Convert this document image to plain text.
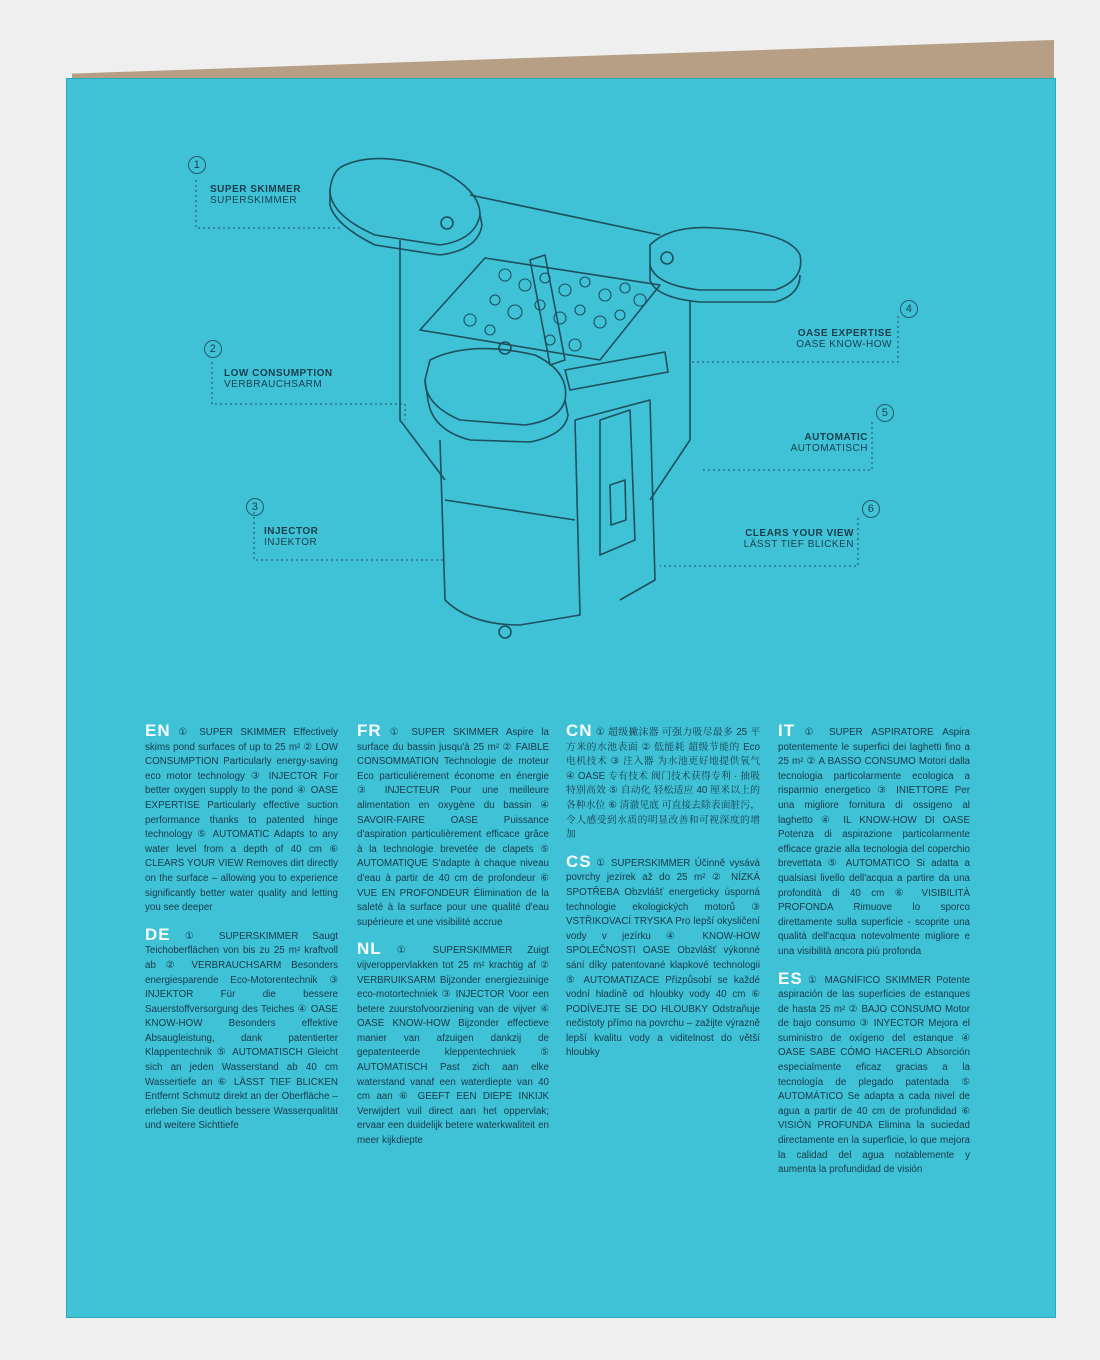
1
SUPER SKIMMER
SUPERSKIMMER
2
LOW CONSUMPTION
VERBRAUCHSARM
3
INJECTOR
INJEKTOR
4
OASE EXPERTISE
OASE KNOW-HOW
5
AUTOMATIC
AUTOMATISCH
6
CLEARS YOUR VIEW
LÄSST TIEF BLICKEN
EN ① SUPER SKIMMER Effectively skims pond surfaces of up to 25 m² ② LOW CONSUMPTION Particularly energy-saving eco motor technology ③ INJECTOR For better oxygen supply to the pond ④ OASE EXPERTISE Particularly effective suction performance thanks to patented hinge technology ⑤ AUTOMATIC Adapts to any water level from a depth of 40 cm ⑥ CLEARS YOUR VIEW Removes dirt directly on the surface – allowing you to experience significantly better water quality and letting you see deeper
DE ① SUPERSKIMMER Saugt Teichoberflächen von bis zu 25 m² kraftvoll ab ② VERBRAUCHSARM Besonders energiesparende Eco-Motorentechnik ③ INJEKTOR Für die bessere Sauerstoffversorgung des Teiches ④ OASE KNOW-HOW Besonders effektive Absaugleistung, dank patentierter Klappentechnik ⑤ AUTOMATISCH Gleicht sich an jeden Wasserstand ab 40 cm Wassertiefe an ⑥ LÄSST TIEF BLICKEN Entfernt Schmutz direkt an der Oberfläche – erleben Sie deutlich bessere Wasserqualität und weitere Sichttiefe
FR ① SUPER SKIMMER Aspire la surface du bassin jusqu'à 25 m² ② FAIBLE CONSOMMATION Technologie de moteur Eco particulièrement économe en énergie ③ INJECTEUR Pour une meilleure alimentation en oxygène du bassin ④ SAVOIR-FAIRE OASE Puissance d'aspiration particulièrement efficace grâce à la technologie brevetée de clapets ⑤ AUTOMATIQUE S'adapte à chaque niveau d'eau à partir de 40 cm de profondeur ⑥ VUE EN PROFONDEUR Élimination de la saleté à la surface pour une qualité d'eau supérieure et une visibilité accrue
NL ① SUPERSKIMMER Zuigt vijveroppervlakken tot 25 m² krachtig af ② VERBRUIKSARM Bijzonder energiezuinige eco-motortechniek ③ INJECTOR Voor een betere zuurstofvoorziening van de vijver ④ OASE KNOW-HOW Bijzonder effectieve manier van afzuigen dankzij de gepatenteerde kleppentechniek ⑤ AUTOMATISCH Past zich aan elke waterstand vanaf een waterdiepte van 40 cm aan ⑥ GEEFT EEN DIEPE INKIJK Verwijdert vuil direct aan het oppervlak; ervaar een duidelijk betere waterkwaliteit en meer kijkdiepte
CN ① 超级撇沫器 可强力吸尽最多 25 平方米的水池表面 ② 低能耗 超级节能的 Eco 电机技术 ③ 注入器 为水池更好地提供氧气 ④ OASE 专有技术 阀门技术获得专利 · 抽吸特别高效 ⑤ 自动化 轻松适应 40 厘米以上的各种水位 ⑥ 清澈见底 可直接去除表面脏污，令人感受到水质的明显改善和可视深度的增加
CS ① SUPERSKIMMER Účinně vysává povrchy jezírek až do 25 m² ② NÍZKÁ SPOTŘEBA Obzvlášť energeticky úsporná technologie ekologických motorů ③ VSTŘIKOVACÍ TRYSKA Pro lepší okysličení vody v jezírku ④ KNOW-HOW SPOLEČNOSTI OASE Obzvlášť výkonné sání díky patentované klapkové technologii ⑤ AUTOMATIZACE Přizpůsobí se každé vodní hladině od hloubky vody 40 cm ⑥ PODÍVEJTE SE DO HLOUBKY Odstraňuje nečistoty přímo na povrchu – zažijte výrazně lepší kvalitu vody a viditelnost do větší hloubky
IT ① SUPER ASPIRATORE Aspira potentemente le superfici dei laghetti fino a 25 m² ② A BASSO CONSUMO Motori dalla tecnologia particolarmente ecologica a risparmio energetico ③ INIETTORE Per una migliore fornitura di ossigeno al laghetto ④ IL KNOW-HOW DI OASE Potenza di aspirazione particolarmente efficace grazie alla tecnologia del coperchio brevettata ⑤ AUTOMATICO Si adatta a qualsiasi livello dell'acqua a partire da una profondità di 40 cm ⑥ VISIBILITÀ PROFONDA Rimuove lo sporco direttamente sulla superficie - scoprite una qualità dell'acqua notevolmente migliore e una visibilità ancora più profonda
ES ① MAGNÍFICO SKIMMER Potente aspiración de las superficies de estanques de hasta 25 m² ② BAJO CONSUMO Motor de bajo consumo ③ INYECTOR Mejora el suministro de oxígeno del estanque ④ OASE SABE CÓMO HACERLO Absorción especialmente eficaz gracias a la tecnología de plegado patentada ⑤ AUTOMÁTICO Se adapta a cada nivel de agua a partir de 40 cm de profundidad ⑥ VISIÓN PROFUNDA Elimina la suciedad directamente en la superficie, lo que mejora la calidad del agua notablemente y aumenta la profundidad de visión
